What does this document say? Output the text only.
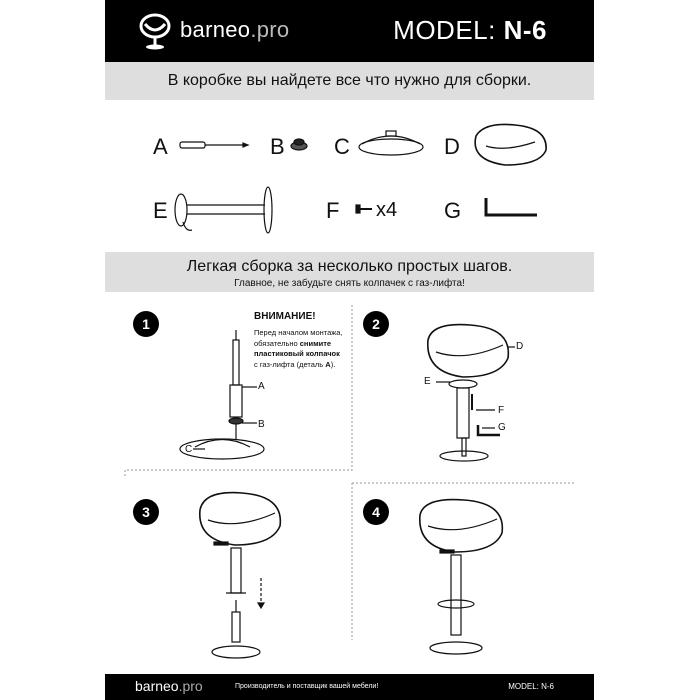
barneo.pro	MODEL: N-6
В коробке вы найдете все что нужно для сборки.
A	B C	D
E	F	G
x4
Легкая сборка за несколько простых шагов.
Главное, не забудьте снять колпачек с газ-лифта!
1	2
3	4
ВНИМАНИЕ!
Перед началом монтажа,
обязательно снимите
пластиковый колпачок
с газ-лифта (деталь А).
A
B
C
D
E
F
G
barneo.pro	Производитель и поставщик вашей мебели!	MODEL: N-6
